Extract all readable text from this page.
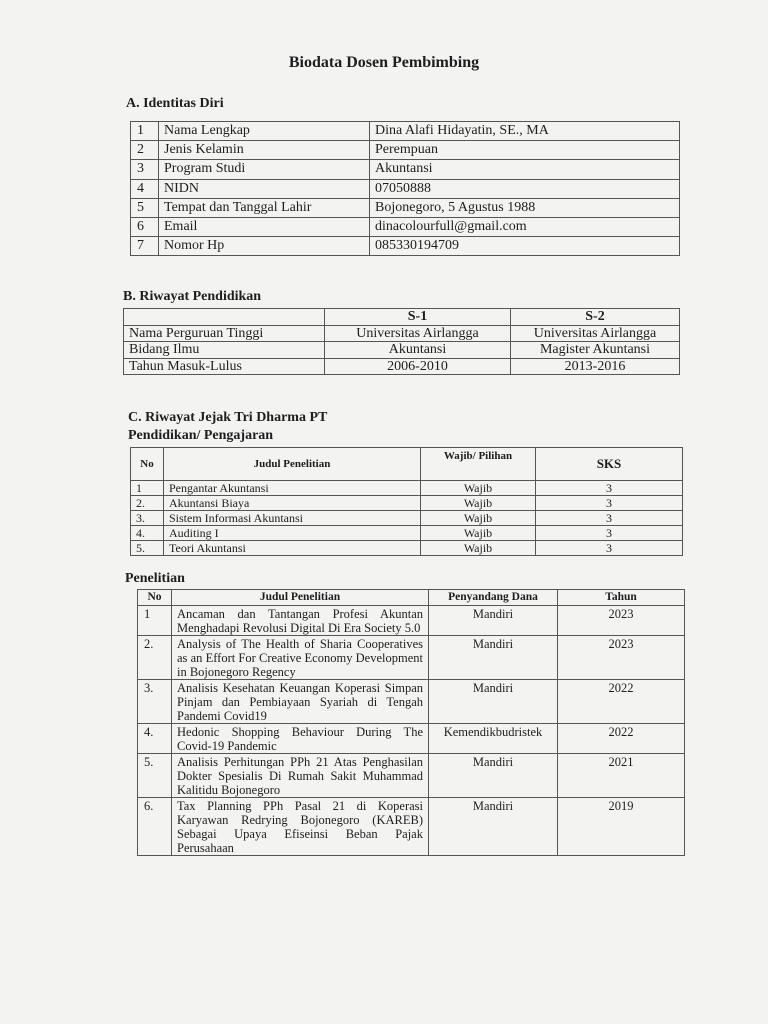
Biodata Dosen Pembimbing
A. Identitas Diri
1	Nama Lengkap	Dina Alafi Hidayatin, SE., MA
2	Jenis Kelamin	Perempuan
3	Program Studi	Akuntansi
4	NIDN	07050888
5	Tempat dan Tanggal Lahir	Bojonegoro, 5 Agustus 1988
6	Email	dinacolourfull@gmail.com
7	Nomor Hp	085330194709
B. Riwayat Pendidikan
	S-1	S-2
Nama Perguruan Tinggi	Universitas Airlangga	Universitas Airlangga
Bidang Ilmu	Akuntansi	Magister Akuntansi
Tahun Masuk-Lulus	2006-2010	2013-2016
C. Riwayat Jejak Tri Dharma PT
Pendidikan/ Pengajaran
No	Judul Penelitian	Wajib/ Pilihan	SKS
1	Pengantar Akuntansi	Wajib	3
2.	Akuntansi Biaya	Wajib	3
3.	Sistem Informasi Akuntansi	Wajib	3
4.	Auditing I	Wajib	3
5.	Teori Akuntansi	Wajib	3
Penelitian
No	Judul Penelitian	Penyandang Dana	Tahun
1	Ancaman dan Tantangan Profesi Akuntan Menghadapi Revolusi Digital Di Era Society 5.0	Mandiri	2023
2.	Analysis of The Health of Sharia Cooperatives as an Effort For Creative Economy Development in Bojonegoro Regency	Mandiri	2023
3.	Analisis Kesehatan Keuangan Koperasi Simpan Pinjam dan Pembiayaan Syariah di Tengah Pandemi Covid19	Mandiri	2022
4.	Hedonic Shopping Behaviour During The Covid-19 Pandemic	Kemendikbudristek	2022
5.	Analisis Perhitungan PPh 21 Atas Penghasilan Dokter Spesialis Di Rumah Sakit Muhammad Kalitidu Bojonegoro	Mandiri	2021
6.	Tax Planning PPh Pasal 21 di Koperasi Karyawan Redrying Bojonegoro (KAREB) Sebagai Upaya Efiseinsi Beban Pajak Perusahaan	Mandiri	2019
